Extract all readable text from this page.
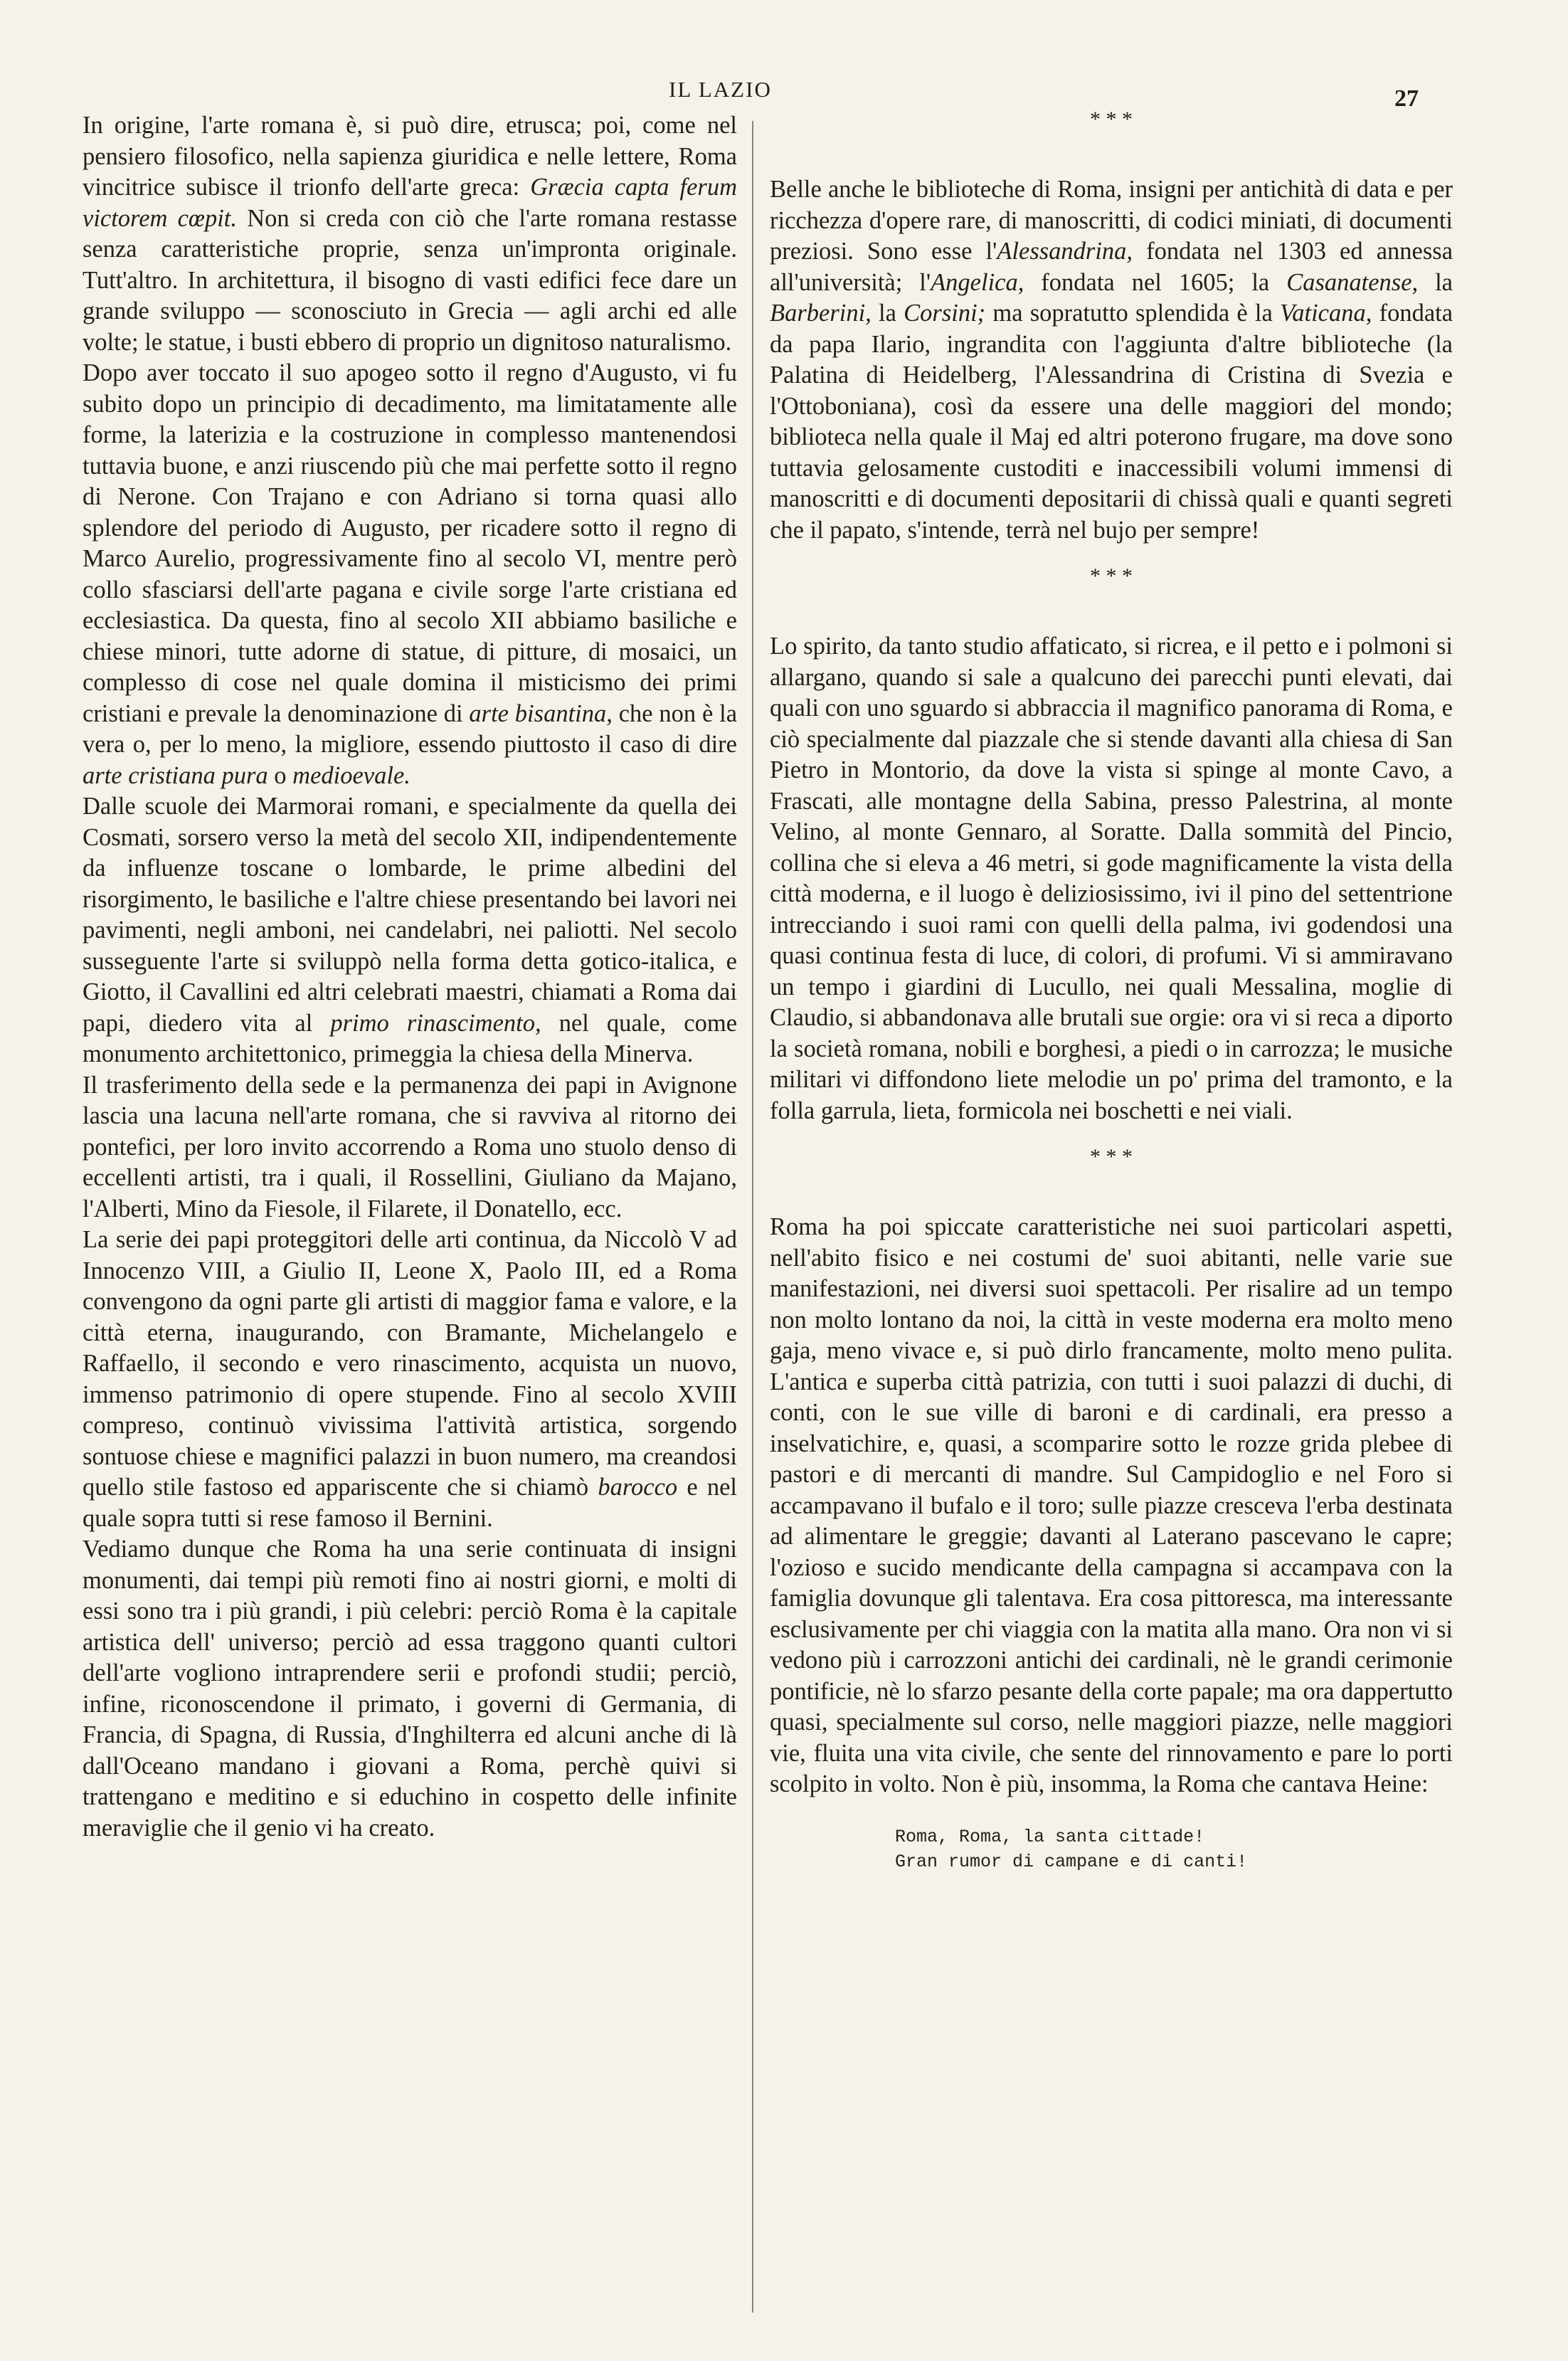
IL LAZIO	27

In origine, l'arte romana è, si può dire, etrusca; poi, come nel pensiero filosofico, nella sapienza giuridica e nelle lettere, Roma vincitrice subisce il trionfo dell'arte greca: Græcia capta ferum victorem cœpit. Non si creda con ciò che l'arte romana restasse senza caratteristiche proprie, senza un'impronta originale. Tutt'altro. In architettura, il bisogno di vasti edifici fece dare un grande sviluppo — sconosciuto in Grecia — agli archi ed alle volte; le statue, i busti ebbero di proprio un dignitoso naturalismo.

Dopo aver toccato il suo apogeo sotto il regno d'Augusto, vi fu subito dopo un principio di decadimento, ma limitatamente alle forme, la laterizia e la costruzione in complesso mantenendosi tuttavia buone, e anzi riuscendo più che mai perfette sotto il regno di Nerone. Con Trajano e con Adriano si torna quasi allo splendore del periodo di Augusto, per ricadere sotto il regno di Marco Aurelio, progressivamente fino al secolo VI, mentre però collo sfasciarsi dell'arte pagana e civile sorge l'arte cristiana ed ecclesiastica. Da questa, fino al secolo XII abbiamo basiliche e chiese minori, tutte adorne di statue, di pitture, di mosaici, un complesso di cose nel quale domina il misticismo dei primi cristiani e prevale la denominazione di arte bisantina, che non è la vera o, per lo meno, la migliore, essendo piuttosto il caso di dire arte cristiana pura o medioevale.

Dalle scuole dei Marmorai romani, e specialmente da quella dei Cosmati, sorsero verso la metà del secolo XII, indipendentemente da influenze toscane o lombarde, le prime albedini del risorgimento, le basiliche e l'altre chiese presentando bei lavori nei pavimenti, negli amboni, nei candelabri, nei paliotti. Nel secolo susseguente l'arte si sviluppò nella forma detta gotico-italica, e Giotto, il Cavallini ed altri celebrati maestri, chiamati a Roma dai papi, diedero vita al primo rinascimento, nel quale, come monumento architettonico, primeggia la chiesa della Minerva.

Il trasferimento della sede e la permanenza dei papi in Avignone lascia una lacuna nell'arte romana, che si ravviva al ritorno dei pontefici, per loro invito accorrendo a Roma uno stuolo denso di eccellenti artisti, tra i quali, il Rossellini, Giuliano da Majano, l'Alberti, Mino da Fiesole, il Filarete, il Donatello, ecc.

La serie dei papi proteggitori delle arti continua, da Niccolò V ad Innocenzo VIII, a Giulio II, Leone X, Paolo III, ed a Roma convengono da ogni parte gli artisti di maggior fama e valore, e la città eterna, inaugurando, con Bramante, Michelangelo e Raffaello, il secondo e vero rinascimento, acquista un nuovo, immenso patrimonio di opere stupende. Fino al secolo XVIII compreso, continuò vivissima l'attività artistica, sorgendo sontuose chiese e magnifici palazzi in buon numero, ma creandosi quello stile fastoso ed appariscente che si chiamò barocco e nel quale sopra tutti si rese famoso il Bernini.

Vediamo dunque che Roma ha una serie continuata di insigni monumenti, dai tempi più remoti fino ai nostri giorni, e molti di essi sono tra i più grandi, i più celebri: perciò Roma è la capitale artistica dell' universo; perciò ad essa traggono quanti cultori dell'arte vogliono intraprendere serii e profondi studii; perciò, infine, riconoscendone il primato, i governi di Germania, di Francia, di Spagna, di Russia, d'Inghilterra ed alcuni anche di là dall'Oceano mandano i giovani a Roma, perchè quivi si trattengano e meditino e si educhino in cospetto delle infinite meraviglie che il genio vi ha creato.

* * *

Belle anche le biblioteche di Roma, insigni per antichità di data e per ricchezza d'opere rare, di manoscritti, di codici miniati, di documenti preziosi. Sono esse l'Alessandrina, fondata nel 1303 ed annessa all'università; l'Angelica, fondata nel 1605; la Casanatense, la Barberini, la Corsini; ma sopratutto splendida è la Vaticana, fondata da papa Ilario, ingrandita con l'aggiunta d'altre biblioteche (la Palatina di Heidelberg, l'Alessandrina di Cristina di Svezia e l'Ottoboniana), così da essere una delle maggiori del mondo; biblioteca nella quale il Maj ed altri poterono frugare, ma dove sono tuttavia gelosamente custoditi e inaccessibili volumi immensi di manoscritti e di documenti depositarii di chissà quali e quanti segreti che il papato, s'intende, terrà nel bujo per sempre!

* * *

Lo spirito, da tanto studio affaticato, si ricrea, e il petto e i polmoni si allargano, quando si sale a qualcuno dei parecchi punti elevati, dai quali con uno sguardo si abbraccia il magnifico panorama di Roma, e ciò specialmente dal piazzale che si stende davanti alla chiesa di San Pietro in Montorio, da dove la vista si spinge al monte Cavo, a Frascati, alle montagne della Sabina, presso Palestrina, al monte Velino, al monte Gennaro, al Soratte. Dalla sommità del Pincio, collina che si eleva a 46 metri, si gode magnificamente la vista della città moderna, e il luogo è deliziosissimo, ivi il pino del settentrione intrecciando i suoi rami con quelli della palma, ivi godendosi una quasi continua festa di luce, di colori, di profumi. Vi si ammiravano un tempo i giardini di Lucullo, nei quali Messalina, moglie di Claudio, si abbandonava alle brutali sue orgie: ora vi si reca a diporto la società romana, nobili e borghesi, a piedi o in carrozza; le musiche militari vi diffondono liete melodie un po' prima del tramonto, e la folla garrula, lieta, formicola nei boschetti e nei viali.

* * *

Roma ha poi spiccate caratteristiche nei suoi particolari aspetti, nell'abito fisico e nei costumi de' suoi abitanti, nelle varie sue manifestazioni, nei diversi suoi spettacoli. Per risalire ad un tempo non molto lontano da noi, la città in veste moderna era molto meno gaja, meno vivace e, si può dirlo francamente, molto meno pulita. L'antica e superba città patrizia, con tutti i suoi palazzi di duchi, di conti, con le sue ville di baroni e di cardinali, era presso a inselvatichire, e, quasi, a scomparire sotto le rozze grida plebee di pastori e di mercanti di mandre. Sul Campidoglio e nel Foro si accampavano il bufalo e il toro; sulle piazze cresceva l'erba destinata ad alimentare le greggie; davanti al Laterano pascevano le capre; l'ozioso e sucido mendicante della campagna si accampava con la famiglia dovunque gli talentava. Era cosa pittoresca, ma interessante esclusivamente per chi viaggia con la matita alla mano. Ora non vi si vedono più i carrozzoni antichi dei cardinali, nè le grandi cerimonie pontificie, nè lo sfarzo pesante della corte papale; ma ora dappertutto quasi, specialmente sul corso, nelle maggiori piazze, nelle maggiori vie, fluita una vita civile, che sente del rinnovamento e pare lo porti scolpito in volto. Non è più, insomma, la Roma che cantava Heine:

Roma, Roma, la santa cittade!
Gran rumor di campane e di canti!
